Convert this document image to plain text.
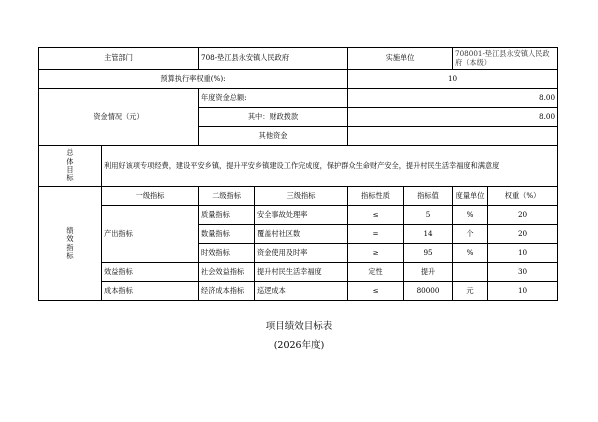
主管部门		708-垫江县永安镇人民政府		实施单位		708001-垫江县永安镇人民政府（本级）	
预算执行率权重(%):				10			
资金情况（元）		年度资金总额:		8.00			
		其中：财政拨款		8.00			
		其他资金					

总
体
目
标	利用好该项专项经费，建设平安乡镇，提升平安乡镇建设工作完成度，保护群众生命财产安全，提升村民生活幸福度和满意度						

绩
效
指
标	一级指标	二级指标	三级指标	指标性质	指标值	度量单位	权重（%）
	产出指标	质量指标	安全事故处理率	≤	5	%	20
		数量指标	覆盖村社区数	=	14	个	20
		时效指标	资金使用及时率	≥	95	%	10
	效益指标	社会效益指标	提升村民生活幸福度	定性	提升		30
	成本指标	经济成本指标	巡逻成本	≤	80000	元	10
项目绩效目标表
(2026年度)
